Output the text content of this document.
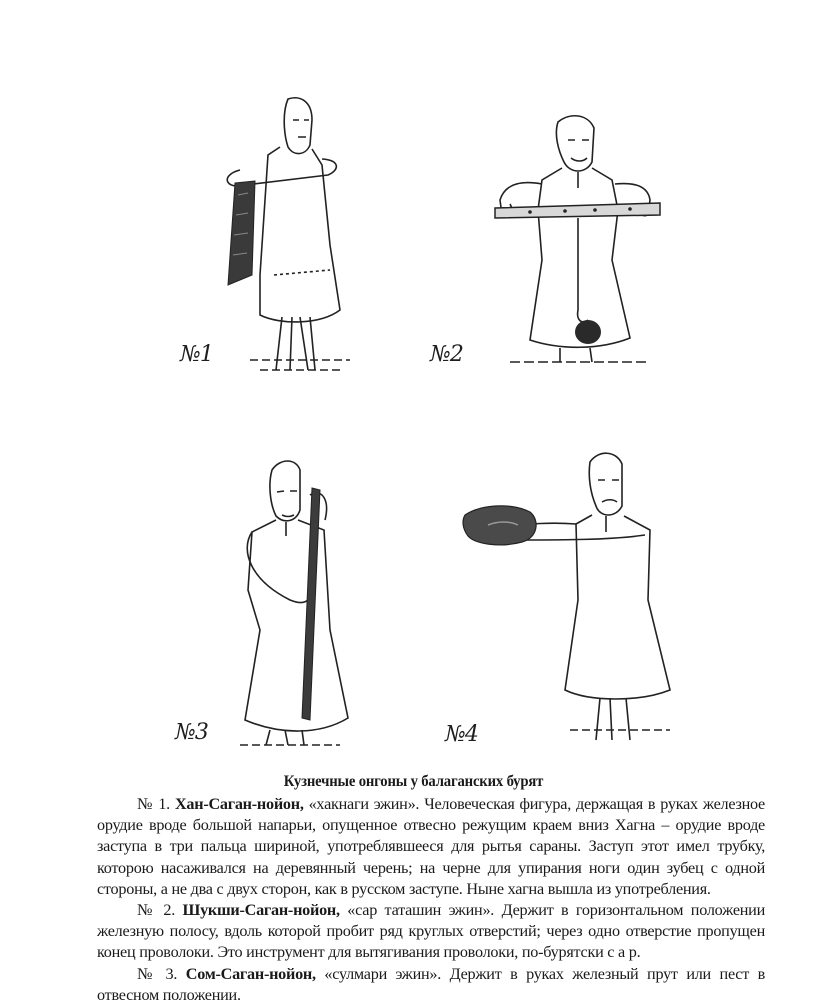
№1	№2
№3	№4
Кузнечные онгоны у балаганских бурят

№ 1. Хан-Саган-нойон, «хакнаги эжин». Человеческая фигура, держащая в руках железное орудие вроде большой напарьи, опущенное отвесно режущим краем вниз Хагна – орудие вроде заступа в три пальца шириной, употреблявшееся для рытья сараны. Заступ этот имел трубку, которою насаживался на деревянный черень; на черне для упирания ноги один зубец с одной стороны, а не два с двух сторон, как в русском заступе. Ныне хагна вышла из употребления.

№ 2. Шукши-Саган-нойон, «сар таташин эжин». Держит в горизонтальном положении железную полосу, вдоль которой пробит ряд круглых отверстий; через одно отверстие пропущен конец проволоки. Это инструмент для вытягивания проволоки, по-бурятски с а р.

№ 3. Сом-Саган-нойон, «сулмари эжин». Держит в руках железный прут или пест в отвесном положении.
